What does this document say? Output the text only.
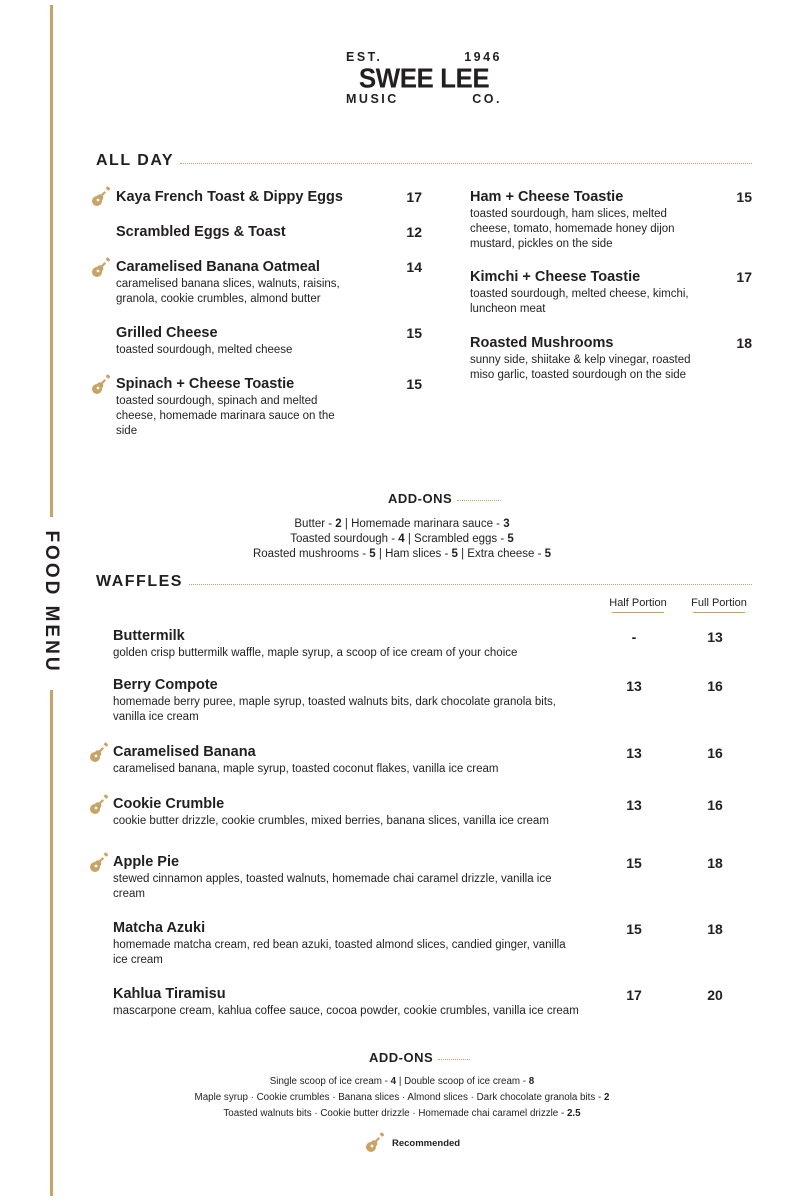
FOOD MENU
EST.	1946
SWEE LEE
MUSIC	CO.
ALL DAY
Kaya French Toast & Dippy Eggs	17
Scrambled Eggs & Toast	12
Caramelised Banana Oatmeal
caramelised banana slices, walnuts, raisins, granola, cookie crumbles, almond butter
14
Grilled Cheese
toasted sourdough, melted cheese
15
Spinach + Cheese Toastie
toasted sourdough, spinach and melted cheese, homemade marinara sauce on the side
15
Ham + Cheese Toastie
toasted sourdough, ham slices, melted cheese, tomato, homemade honey dijon mustard, pickles on the side
15
Kimchi + Cheese Toastie
toasted sourdough, melted cheese, kimchi, luncheon meat
17
Roasted Mushrooms
sunny side, shiitake & kelp vinegar, roasted miso garlic, toasted sourdough on the side
18
ADD-ONS
Butter - 2 | Homemade marinara sauce - 3
Toasted sourdough - 4 | Scrambled eggs - 5
Roasted mushrooms - 5 | Ham slices - 5 | Extra cheese - 5
WAFFLES
Half Portion	Full Portion
Buttermilk
golden crisp buttermilk waffle, maple syrup, a scoop of ice cream of your choice
-	13
Berry Compote
homemade berry puree, maple syrup, toasted walnuts bits, dark chocolate granola bits, vanilla ice cream
13	16
Caramelised Banana
caramelised banana, maple syrup, toasted coconut flakes, vanilla ice cream
13	16
Cookie Crumble
cookie butter drizzle, cookie crumbles, mixed berries, banana slices, vanilla ice cream
13	16
Apple Pie
stewed cinnamon apples, toasted walnuts, homemade chai caramel drizzle, vanilla ice cream
15	18
Matcha Azuki
homemade matcha cream, red bean azuki, toasted almond slices, candied ginger, vanilla ice cream
15	18
Kahlua Tiramisu
mascarpone cream, kahlua coffee sauce, cocoa powder, cookie crumbles, vanilla ice cream
17	20
ADD-ONS
Single scoop of ice cream - 4 | Double scoop of ice cream - 8
Maple syrup · Cookie crumbles · Banana slices · Almond slices · Dark chocolate granola bits - 2
Toasted walnuts bits · Cookie butter drizzle · Homemade chai caramel drizzle - 2.5
Recommended
